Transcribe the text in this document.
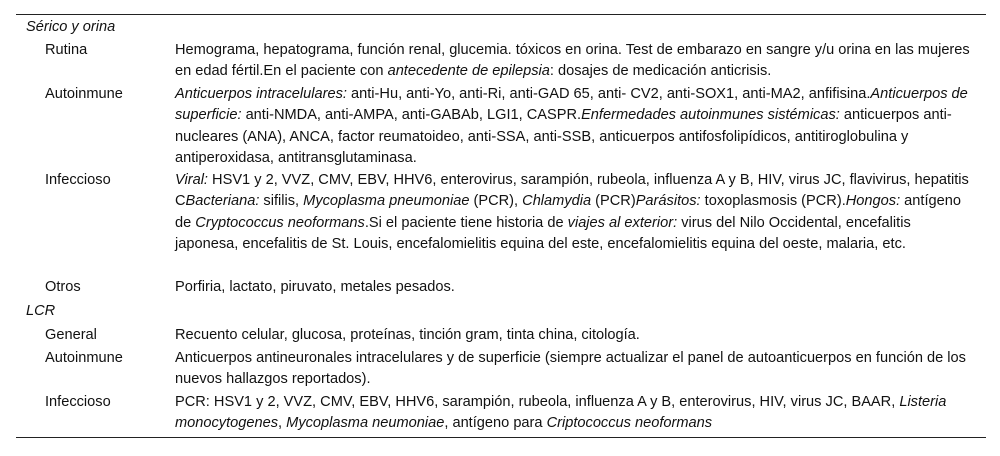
Sérico y orina
Rutina	Hemograma, hepatograma, función renal, glucemia. tóxicos en orina. Test de embarazo en sangre y/u orina en las mujeres en edad fértil.En el paciente con antecedente de epilepsia: dosajes de medicación anticrisis.
Autoinmune	Anticuerpos intracelulares: anti-Hu, anti-Yo, anti-Ri, anti-GAD 65, anti- CV2, anti-SOX1, anti-MA2, anfifisina.Anticuerpos de superficie: anti-NMDA, anti-AMPA, anti-GABAb, LGI1, CASPR.Enfermedades autoinmunes sistémicas: anticuerpos anti-nucleares (ANA), ANCA, factor reumatoideo, anti-SSA, anti-SSB, anticuerpos antifosfolipídicos, antitiroglobulina y antiperoxidasa, antitransglutaminasa.
Infeccioso	Viral: HSV1 y 2, VVZ, CMV, EBV, HHV6, enterovirus, sarampión, rubeola, influenza A y B, HIV, virus JC, flavivirus, hepatitis CBacteriana: sifilis, Mycoplasma pneumoniae (PCR), Chlamydia (PCR)Parásitos: toxoplasmosis (PCR).Hongos: antígeno de Cryptococcus neoformans.Si el paciente tiene historia de viajes al exterior: virus del Nilo Occidental, encefalitis japonesa, encefalitis de St. Louis, encefalomielitis equina del este, encefalomielitis equina del oeste, malaria, etc.
Otros	Porfiria, lactato, piruvato, metales pesados.
LCR
General	Recuento celular, glucosa, proteínas, tinción gram, tinta china, citología.
Autoinmune	Anticuerpos antineuronales intracelulares y de superficie (siempre actualizar el panel de autoanticuerpos en función de los nuevos hallazgos reportados).
Infeccioso	PCR: HSV1 y 2, VVZ, CMV, EBV, HHV6, sarampión, rubeola, influenza A y B, enterovirus, HIV, virus JC, BAAR, Listeria monocytogenes, Mycoplasma neumoniae, antígeno para Criptococcus neoformans
